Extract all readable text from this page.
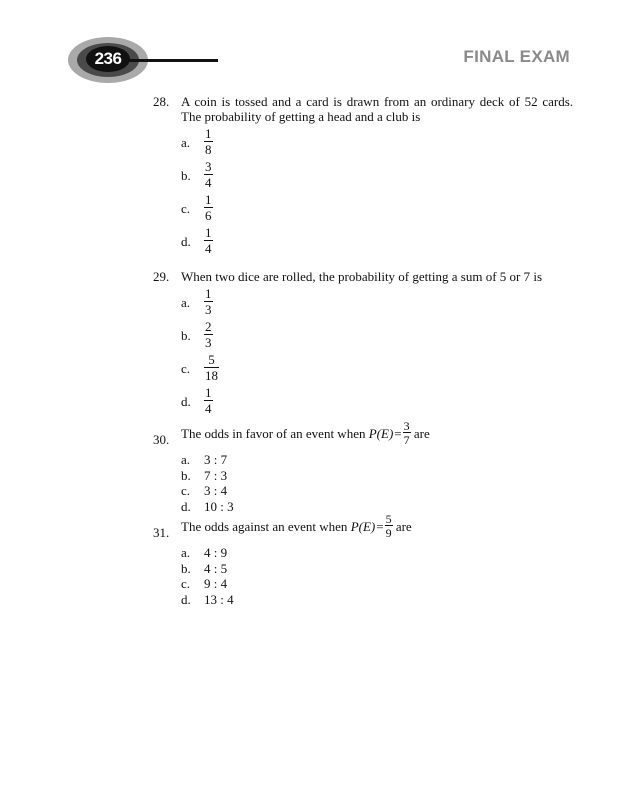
236	FINAL EXAM
28. A coin is tossed and a card is drawn from an ordinary deck of 52 cards. The probability of getting a head and a club is
a.	$\frac{1}{8}$
b.	$\frac{3}{4}$
c.	$\frac{1}{6}$
d.	$\frac{1}{4}$
29. When two dice are rolled, the probability of getting a sum of 5 or 7 is
a.	$\frac{1}{3}$
b.	$\frac{2}{3}$
c.	$\frac{5}{18}$
d.	$\frac{1}{4}$
30. The odds in favor of an event when
$P(E) = \frac{3}{7}$
are
a.	3 : 7
b.	7 : 3
c.	3 : 4
d.	10 : 3
31. The odds against an event when
$P(E) = \frac{5}{9}$
are
a.	4 : 9
b.	4 : 5
c.	9 : 4
d.	13 : 4
